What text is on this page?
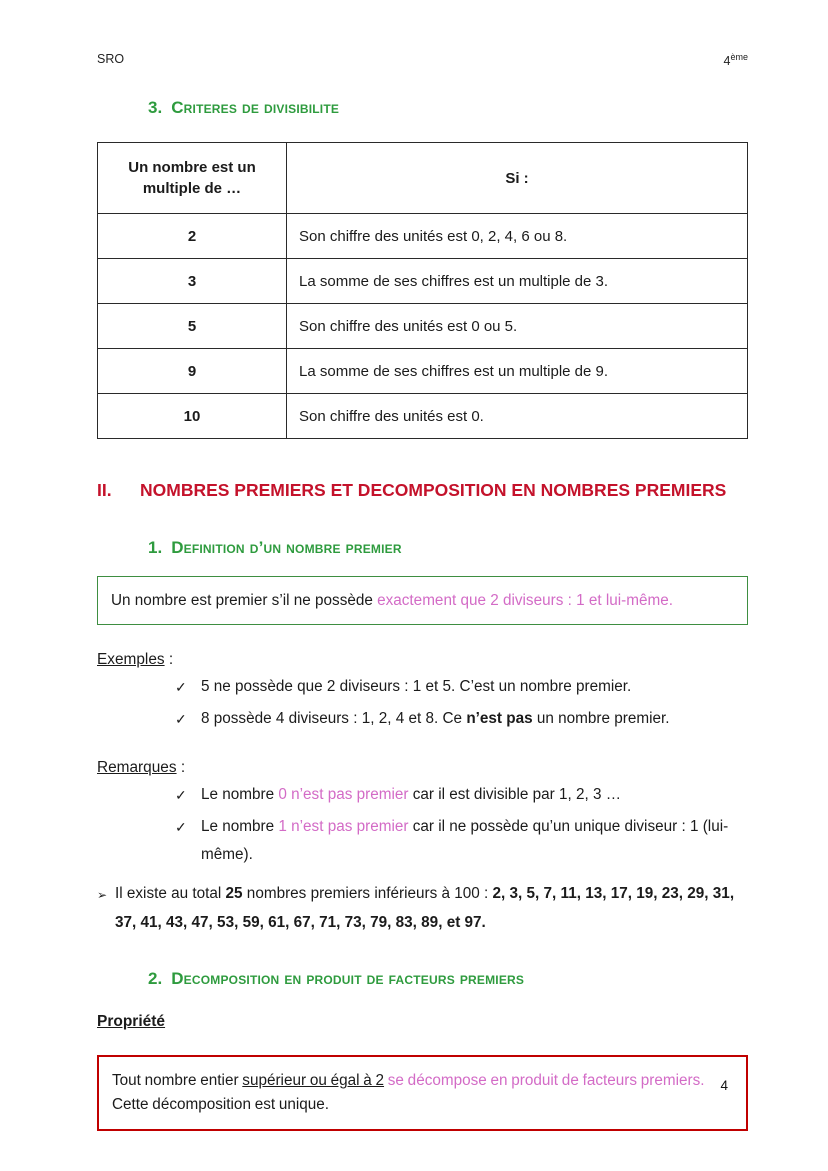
SRO	4ème
3. Criteres de divisibilite
Un nombre est un multiple de …	Si :
2	Son chiffre des unités est 0, 2, 4, 6 ou 8.
3	La somme de ses chiffres est un multiple de 3.
5	Son chiffre des unités est 0 ou 5.
9	La somme de ses chiffres est un multiple de 9.
10	Son chiffre des unités est 0.
II.	NOMBRES PREMIERS ET DECOMPOSITION EN NOMBRES PREMIERS
1. Definition d’un nombre premier
Un nombre est premier s’il ne possède exactement que 2 diviseurs : 1 et lui-même.
Exemples :
✓ 5 ne possède que 2 diviseurs : 1 et 5. C’est un nombre premier.
✓ 8 possède 4 diviseurs : 1, 2, 4 et 8. Ce n’est pas un nombre premier.
Remarques :
✓ Le nombre 0 n’est pas premier car il est divisible par 1, 2, 3 …
✓ Le nombre 1 n’est pas premier car il ne possède qu’un unique diviseur : 1 (lui-même).
➢ Il existe au total 25 nombres premiers inférieurs à 100 : 2, 3, 5, 7, 11, 13, 17, 19, 23, 29, 31, 37, 41, 43, 47, 53, 59, 61, 67, 71, 73, 79, 83, 89, et 97.
2. Decomposition en produit de facteurs premiers
Propriété
Tout nombre entier supérieur ou égal à 2 se décompose en produit de facteurs premiers. Cette décomposition est unique.
4
